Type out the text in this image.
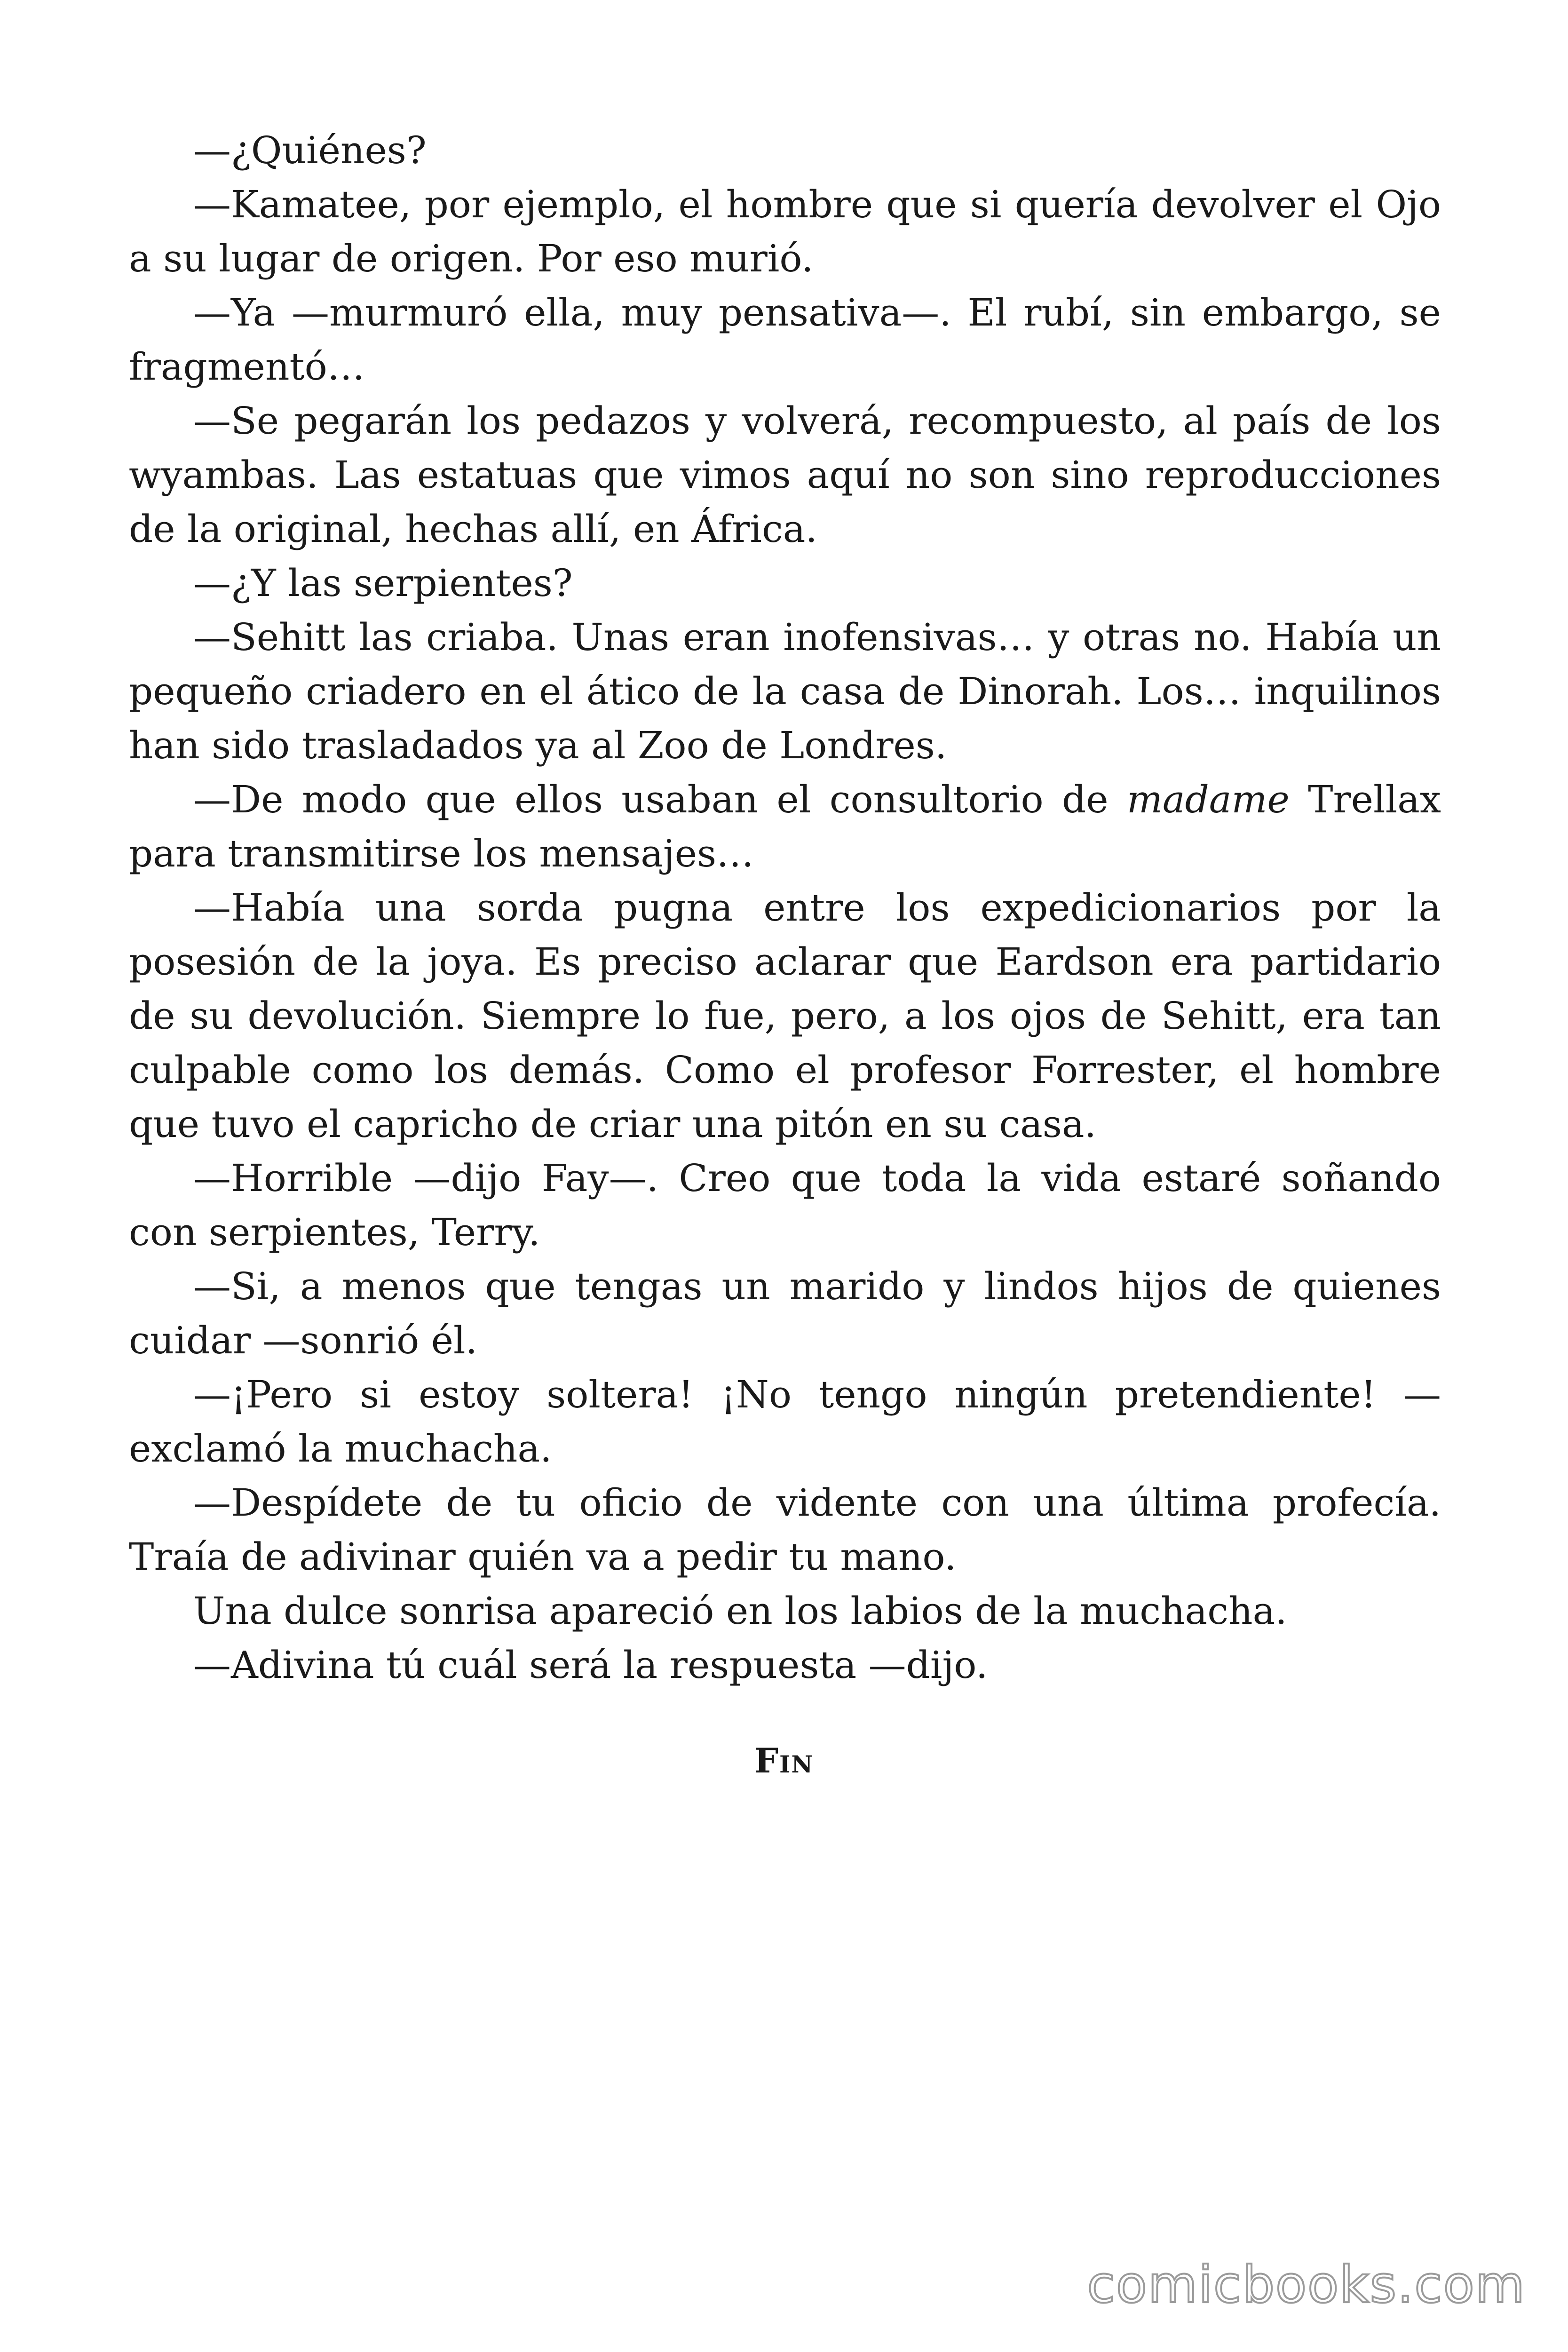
—¿Quiénes?

—Kamatee, por ejemplo, el hombre que si quería devolver el Ojo a su lugar de origen. Por eso murió.

—Ya —murmuró ella, muy pensativa—. El rubí, sin embargo, se fragmentó…

—Se pegarán los pedazos y volverá, recompuesto, al país de los wyambas. Las estatuas que vimos aquí no son sino reproducciones de la original, hechas allí, en África.

—¿Y las serpientes?

—Sehitt las criaba. Unas eran inofensivas… y otras no. Había un pequeño criadero en el ático de la casa de Dinorah. Los… inquilinos han sido trasladados ya al Zoo de Londres.

—De modo que ellos usaban el consultorio de madame Trellax para transmitirse los mensajes…

—Había una sorda pugna entre los expedicionarios por la posesión de la joya. Es preciso aclarar que Eardson era partidario de su devolución. Siempre lo fue, pero, a los ojos de Sehitt, era tan culpable como los demás. Como el profesor Forrester, el hombre que tuvo el capricho de criar una pitón en su casa.

—Horrible —dijo Fay—. Creo que toda la vida estaré soñando con serpientes, Terry.

—Si, a menos que tengas un marido y lindos hijos de quienes cuidar —sonrió él.

—¡Pero si estoy soltera! ¡No tengo ningún pretendiente! —exclamó la muchacha.

—Despídete de tu oficio de vidente con una última profecía. Traía de adivinar quién va a pedir tu mano.

Una dulce sonrisa apareció en los labios de la muchacha.

—Adivina tú cuál será la respuesta —dijo.

Fin
comicbooks.com
